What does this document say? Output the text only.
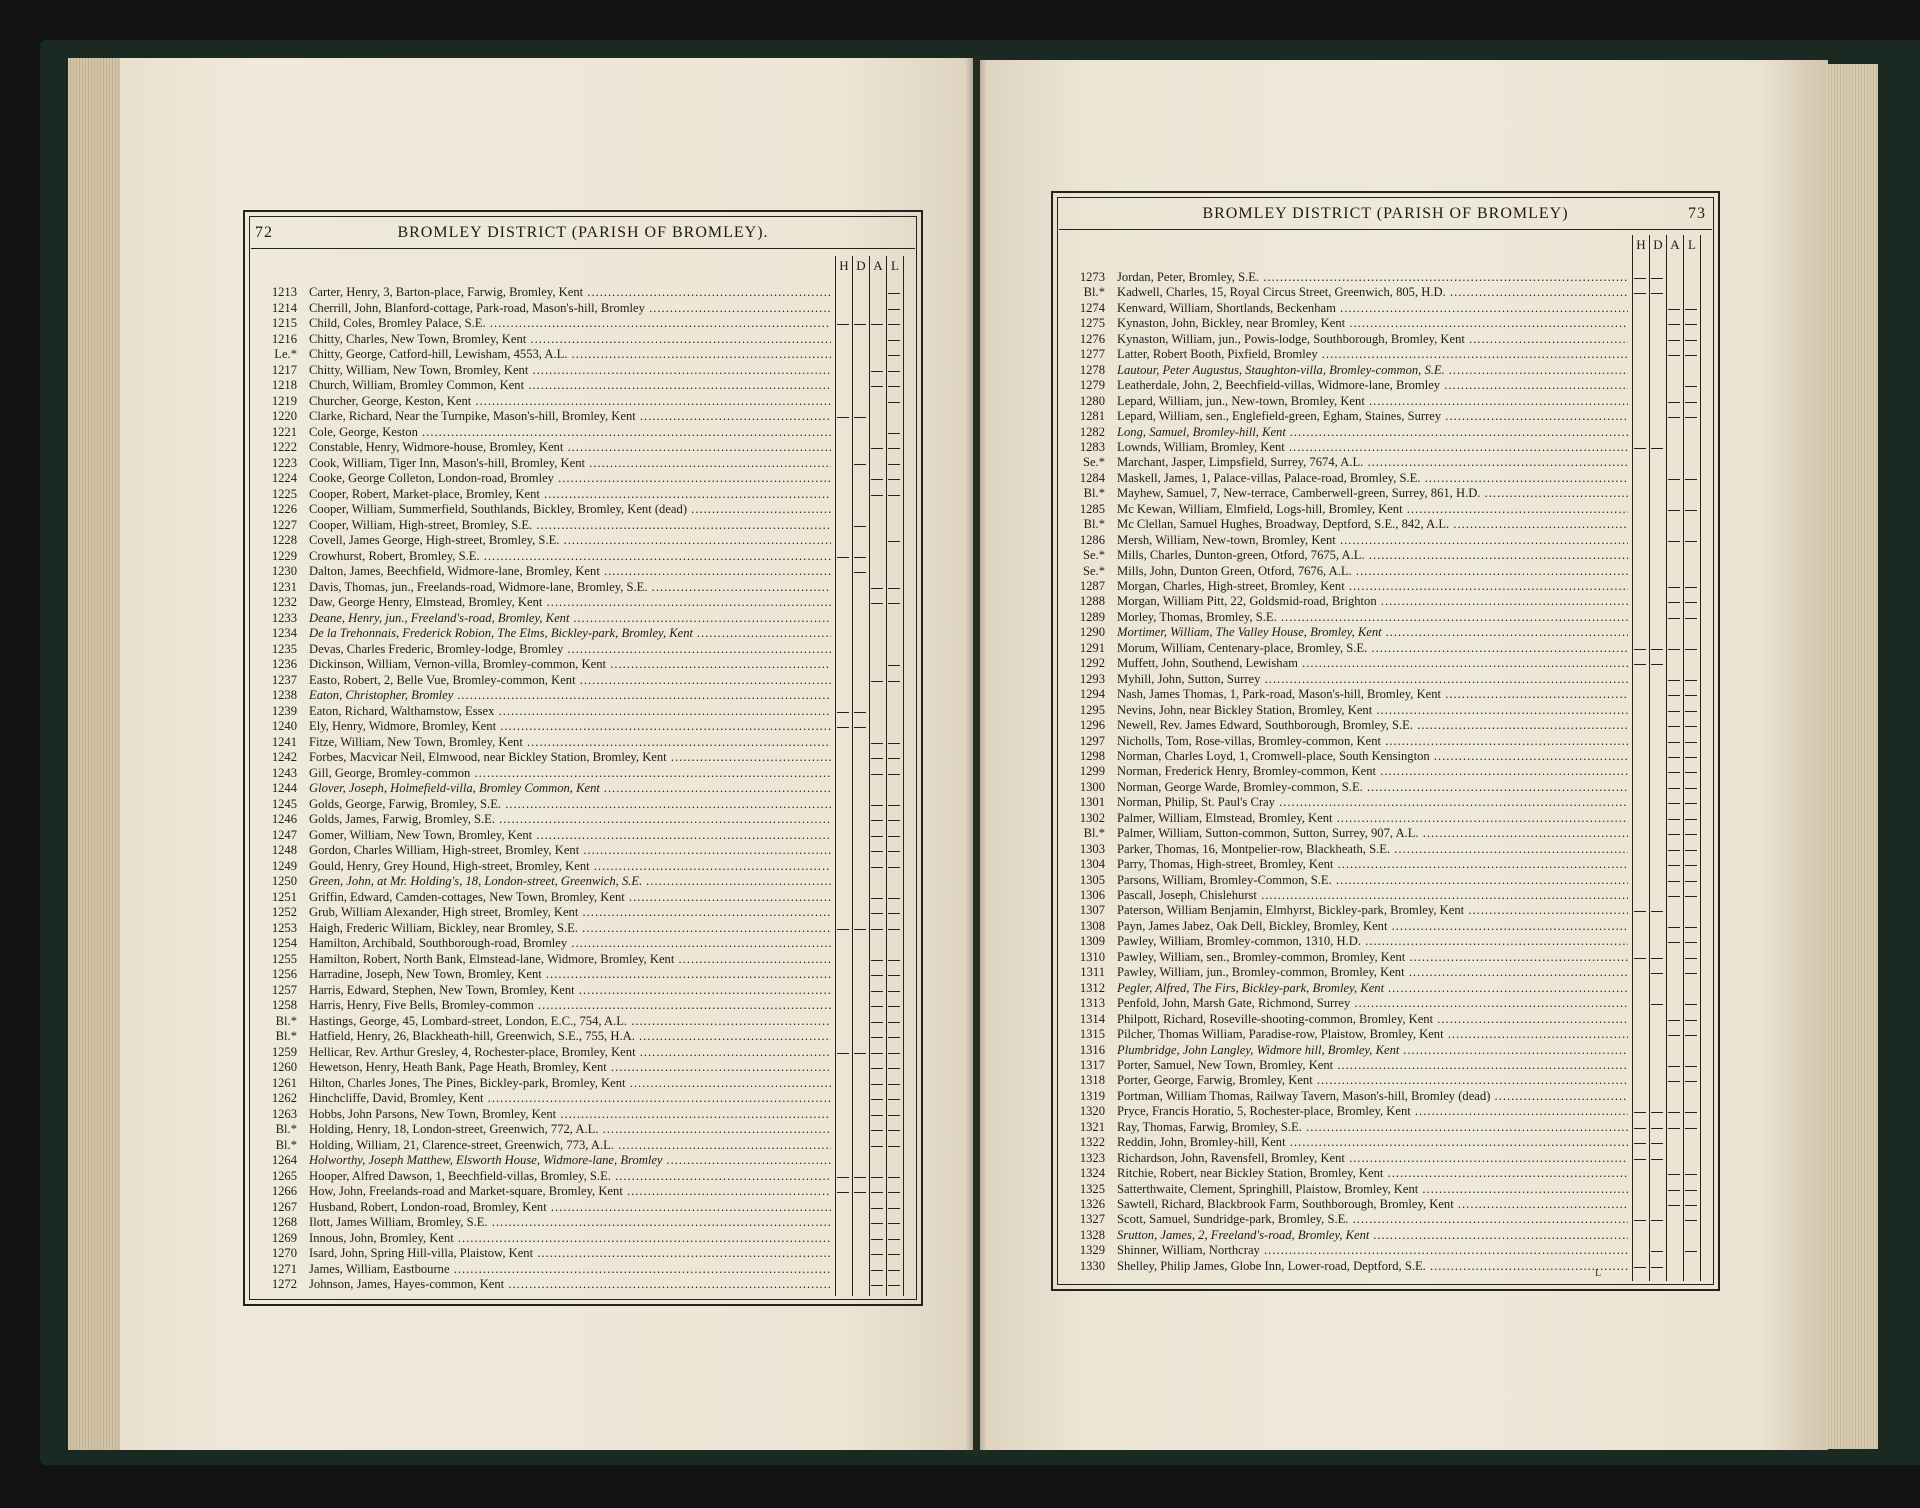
72	BROMLEY DISTRICT (PARISH OF BROMLEY).
H D A L
1213 Carter, Henry, 3, Barton-place, Farwig, Bromley, Kent .....
1214 Cherrill, John, Blanford-cottage, Park-road, Mason's-hill, Bromley .....
1215 Child, Coles, Bromley Palace, S.E. .....
1216 Chitty, Charles, New Town, Bromley, Kent .....
Le.* Chitty, George, Catford-hill, Lewisham, 4553, A.L. .....
1217 Chitty, William, New Town, Bromley, Kent .....
1218 Church, William, Bromley Common, Kent .....
1219 Churcher, George, Keston, Kent .....
1220 Clarke, Richard, Near the Turnpike, Mason's-hill, Bromley, Kent .....
1221 Cole, George, Keston .....
1222 Constable, Henry, Widmore-house, Bromley, Kent .....
1223 Cook, William, Tiger Inn, Mason's-hill, Bromley, Kent .....
1224 Cooke, George Colleton, London-road, Bromley .....
1225 Cooper, Robert, Market-place, Bromley, Kent .....
1226 Cooper, William, Summerfield, Southlands, Bickley, Bromley, Kent (dead) .....
1227 Cooper, William, High-street, Bromley, S.E. .....
1228 Covell, James George, High-street, Bromley, S.E. .....
1229 Crowhurst, Robert, Bromley, S.E. .....
1230 Dalton, James, Beechfield, Widmore-lane, Bromley, Kent .....
1231 Davis, Thomas, jun., Freelands-road, Widmore-lane, Bromley, S.E. .....
1232 Daw, George Henry, Elmstead, Bromley, Kent .....
1233 Deane, Henry, jun., Freeland's-road, Bromley, Kent .....
1234 De la Trehonnais, Frederick Robion, The Elms, Bickley-park, Bromley, Kent .....
1235 Devas, Charles Frederic, Bromley-lodge, Bromley .....
1236 Dickinson, William, Vernon-villa, Bromley-common, Kent .....
1237 Easto, Robert, 2, Belle Vue, Bromley-common, Kent .....
1238 Eaton, Christopher, Bromley .....
1239 Eaton, Richard, Walthamstow, Essex .....
1240 Ely, Henry, Widmore, Bromley, Kent .....
1241 Fitze, William, New Town, Bromley, Kent .....
1242 Forbes, Macvicar Neil, Elmwood, near Bickley Station, Bromley, Kent .....
1243 Gill, George, Bromley-common .....
1244 Glover, Joseph, Holmefield-villa, Bromley Common, Kent .....
1245 Golds, George, Farwig, Bromley, S.E. .....
1246 Golds, James, Farwig, Bromley, S.E. .....
1247 Gomer, William, New Town, Bromley, Kent .....
1248 Gordon, Charles William, High-street, Bromley, Kent .....
1249 Gould, Henry, Grey Hound, High-street, Bromley, Kent .....
1250 Green, John, at Mr. Holding's, 18, London-street, Greenwich, S.E. .....
1251 Griffin, Edward, Camden-cottages, New Town, Bromley, Kent .....
1252 Grub, William Alexander, High street, Bromley, Kent .....
1253 Haigh, Frederic William, Bickley, near Bromley, S.E. .....
1254 Hamilton, Archibald, Southborough-road, Bromley .....
1255 Hamilton, Robert, North Bank, Elmstead-lane, Widmore, Bromley, Kent .....
1256 Harradine, Joseph, New Town, Bromley, Kent .....
1257 Harris, Edward, Stephen, New Town, Bromley, Kent .....
1258 Harris, Henry, Five Bells, Bromley-common .....
Bl.* Hastings, George, 45, Lombard-street, London, E.C., 754, A.L. .....
Bl.* Hatfield, Henry, 26, Blackheath-hill, Greenwich, S.E., 755, H.A. .....
1259 Hellicar, Rev. Arthur Gresley, 4, Rochester-place, Bromley, Kent .....
1260 Hewetson, Henry, Heath Bank, Page Heath, Bromley, Kent .....
1261 Hilton, Charles Jones, The Pines, Bickley-park, Bromley, Kent .....
1262 Hinchcliffe, David, Bromley, Kent .....
1263 Hobbs, John Parsons, New Town, Bromley, Kent .....
Bl.* Holding, Henry, 18, London-street, Greenwich, 772, A.L. .....
Bl.* Holding, William, 21, Clarence-street, Greenwich, 773, A.L. .....
1264 Holworthy, Joseph Matthew, Elsworth House, Widmore-lane, Bromley .....
1265 Hooper, Alfred Dawson, 1, Beechfield-villas, Bromley, S.E. .....
1266 How, John, Freelands-road and Market-square, Bromley, Kent .....
1267 Husband, Robert, London-road, Bromley, Kent .....
1268 Ilott, James William, Bromley, S.E. .....
1269 Innous, John, Bromley, Kent .....
1270 Isard, John, Spring Hill-villa, Plaistow, Kent .....
1271 James, William, Eastbourne .....
1272 Johnson, James, Hayes-common, Kent .....
BROMLEY DISTRICT (PARISH OF BROMLEY)	73
L
H D A L
1273 Jordan, Peter, Bromley, S.E. .....
Bl.* Kadwell, Charles, 15, Royal Circus Street, Greenwich, 805, H.D. .....
1274 Kenward, William, Shortlands, Beckenham .....
1275 Kynaston, John, Bickley, near Bromley, Kent .....
1276 Kynaston, William, jun., Powis-lodge, Southborough, Bromley, Kent .....
1277 Latter, Robert Booth, Pixfield, Bromley .....
1278 Lautour, Peter Augustus, Staughton-villa, Bromley-common, S.E. .....
1279 Leatherdale, John, 2, Beechfield-villas, Widmore-lane, Bromley .....
1280 Lepard, William, jun., New-town, Bromley, Kent .....
1281 Lepard, William, sen., Englefield-green, Egham, Staines, Surrey .....
1282 Long, Samuel, Bromley-hill, Kent .....
1283 Lownds, William, Bromley, Kent .....
Se.* Marchant, Jasper, Limpsfield, Surrey, 7674, A.L. .....
1284 Maskell, James, 1, Palace-villas, Palace-road, Bromley, S.E. .....
Bl.* Mayhew, Samuel, 7, New-terrace, Camberwell-green, Surrey, 861, H.D. .....
1285 Mc Kewan, William, Elmfield, Logs-hill, Bromley, Kent .....
Bl.* Mc Clellan, Samuel Hughes, Broadway, Deptford, S.E., 842, A.L. .....
1286 Mersh, William, New-town, Bromley, Kent .....
Se.* Mills, Charles, Dunton-green, Otford, 7675, A.L. .....
Se.* Mills, John, Dunton Green, Otford, 7676, A.L. .....
1287 Morgan, Charles, High-street, Bromley, Kent .....
1288 Morgan, William Pitt, 22, Goldsmid-road, Brighton .....
1289 Morley, Thomas, Bromley, S.E. .....
1290 Mortimer, William, The Valley House, Bromley, Kent .....
1291 Morum, William, Centenary-place, Bromley, S.E. .....
1292 Muffett, John, Southend, Lewisham .....
1293 Myhill, John, Sutton, Surrey .....
1294 Nash, James Thomas, 1, Park-road, Mason's-hill, Bromley, Kent .....
1295 Nevins, John, near Bickley Station, Bromley, Kent .....
1296 Newell, Rev. James Edward, Southborough, Bromley, S.E. .....
1297 Nicholls, Tom, Rose-villas, Bromley-common, Kent .....
1298 Norman, Charles Loyd, 1, Cromwell-place, South Kensington .....
1299 Norman, Frederick Henry, Bromley-common, Kent .....
1300 Norman, George Warde, Bromley-common, S.E. .....
1301 Norman, Philip, St. Paul's Cray .....
1302 Palmer, William, Elmstead, Bromley, Kent .....
Bl.* Palmer, William, Sutton-common, Sutton, Surrey, 907, A.L. .....
1303 Parker, Thomas, 16, Montpelier-row, Blackheath, S.E. .....
1304 Parry, Thomas, High-street, Bromley, Kent .....
1305 Parsons, William, Bromley-Common, S.E. .....
1306 Pascall, Joseph, Chislehurst .....
1307 Paterson, William Benjamin, Elmhyrst, Bickley-park, Bromley, Kent .....
1308 Payn, James Jabez, Oak Dell, Bickley, Bromley, Kent .....
1309 Pawley, William, Bromley-common, 1310, H.D. .....
1310 Pawley, William, sen., Bromley-common, Bromley, Kent .....
1311 Pawley, William, jun., Bromley-common, Bromley, Kent .....
1312 Pegler, Alfred, The Firs, Bickley-park, Bromley, Kent .....
1313 Penfold, John, Marsh Gate, Richmond, Surrey .....
1314 Philpott, Richard, Roseville-shooting-common, Bromley, Kent .....
1315 Pilcher, Thomas William, Paradise-row, Plaistow, Bromley, Kent .....
1316 Plumbridge, John Langley, Widmore hill, Bromley, Kent .....
1317 Porter, Samuel, New Town, Bromley, Kent .....
1318 Porter, George, Farwig, Bromley, Kent .....
1319 Portman, William Thomas, Railway Tavern, Mason's-hill, Bromley (dead) .....
1320 Pryce, Francis Horatio, 5, Rochester-place, Bromley, Kent .....
1321 Ray, Thomas, Farwig, Bromley, S.E. .....
1322 Reddin, John, Bromley-hill, Kent .....
1323 Richardson, John, Ravensfell, Bromley, Kent .....
1324 Ritchie, Robert, near Bickley Station, Bromley, Kent .....
1325 Satterthwaite, Clement, Springhill, Plaistow, Bromley, Kent .....
1326 Sawtell, Richard, Blackbrook Farm, Southborough, Bromley, Kent .....
1327 Scott, Samuel, Sundridge-park, Bromley, S.E. .....
1328 Srutton, James, 2, Freeland's-road, Bromley, Kent .....
1329 Shinner, William, Northcray .....
1330 Shelley, Philip James, Globe Inn, Lower-road, Deptford, S.E. .....
